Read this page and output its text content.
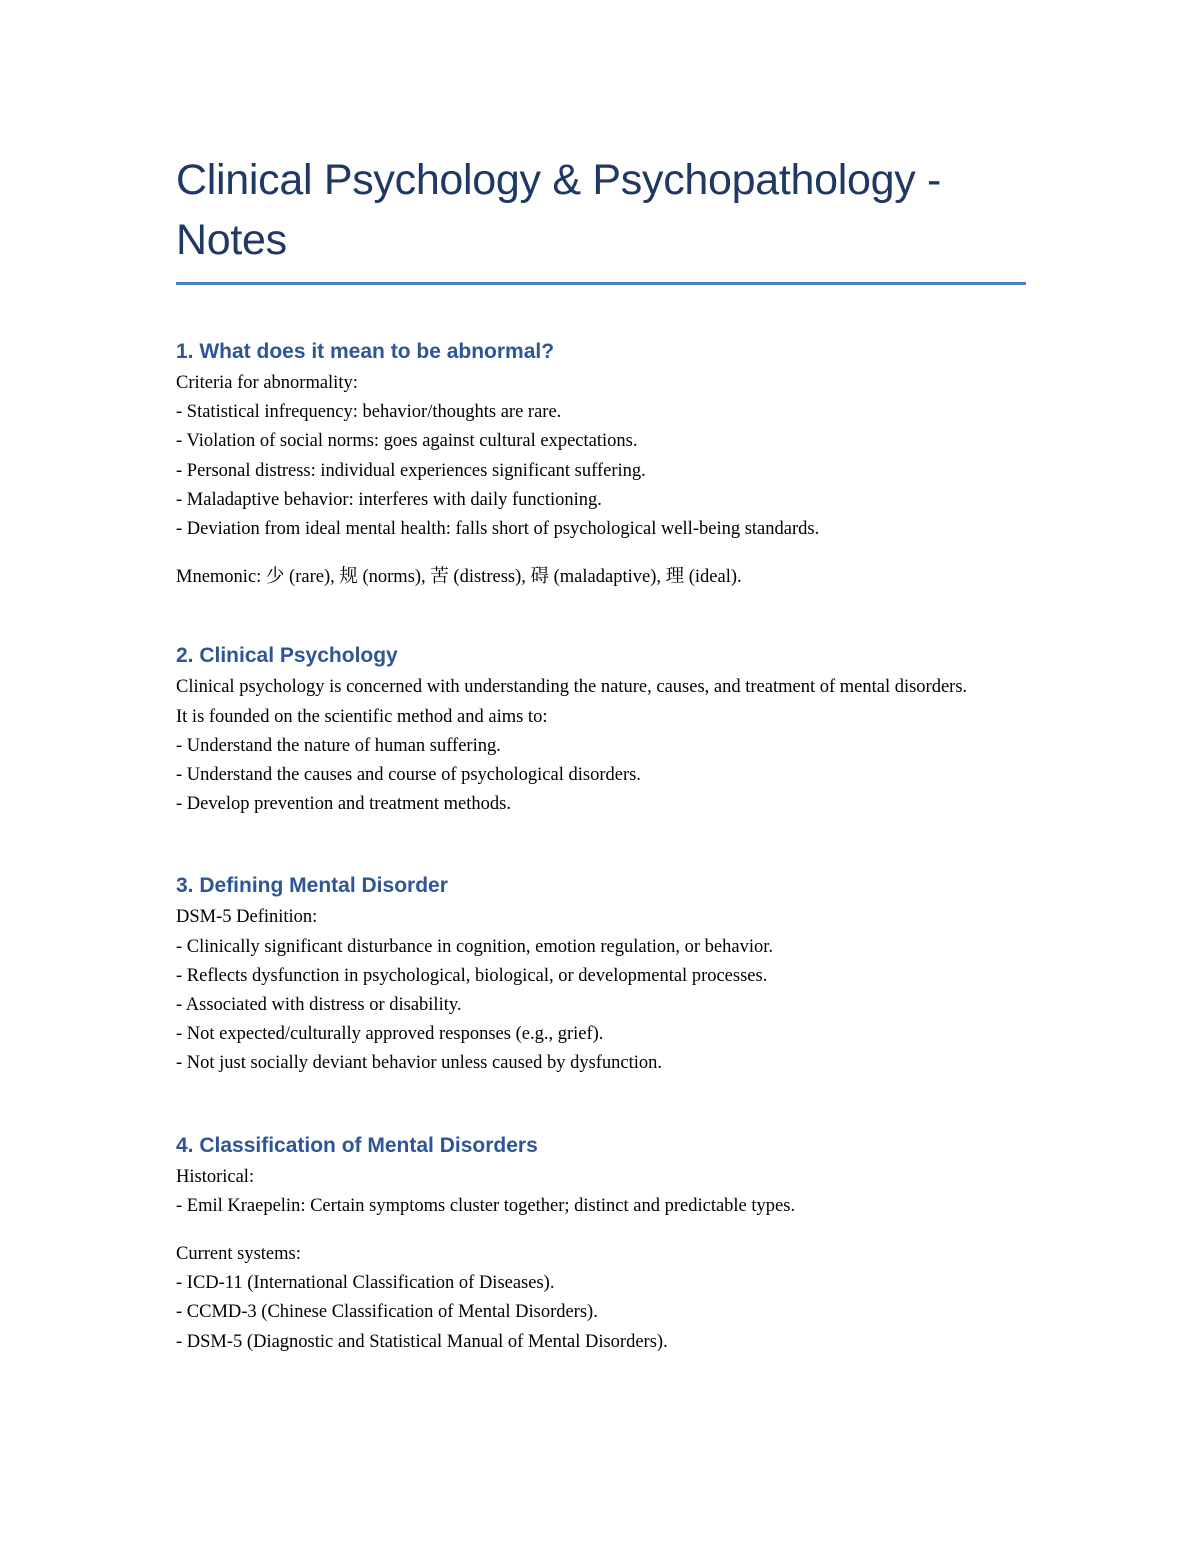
Clinical Psychology & Psychopathology - Notes
1. What does it mean to be abnormal?

Criteria for abnormality:

- Statistical infrequency: behavior/thoughts are rare.

- Violation of social norms: goes against cultural expectations.

- Personal distress: individual experiences significant suffering.

- Maladaptive behavior: interferes with daily functioning.

- Deviation from ideal mental health: falls short of psychological well-being standards.

Mnemonic: 少 (rare), 规 (norms), 苦 (distress), 碍 (maladaptive), 理 (ideal).

2. Clinical Psychology

Clinical psychology is concerned with understanding the nature, causes, and treatment of mental disorders.

It is founded on the scientific method and aims to:

- Understand the nature of human suffering.

- Understand the causes and course of psychological disorders.

- Develop prevention and treatment methods.

3. Defining Mental Disorder

DSM-5 Definition:

- Clinically significant disturbance in cognition, emotion regulation, or behavior.

- Reflects dysfunction in psychological, biological, or developmental processes.

- Associated with distress or disability.

- Not expected/culturally approved responses (e.g., grief).

- Not just socially deviant behavior unless caused by dysfunction.

4. Classification of Mental Disorders

Historical:

- Emil Kraepelin: Certain symptoms cluster together; distinct and predictable types.

Current systems:

- ICD-11 (International Classification of Diseases).

- CCMD-3 (Chinese Classification of Mental Disorders).

- DSM-5 (Diagnostic and Statistical Manual of Mental Disorders).
